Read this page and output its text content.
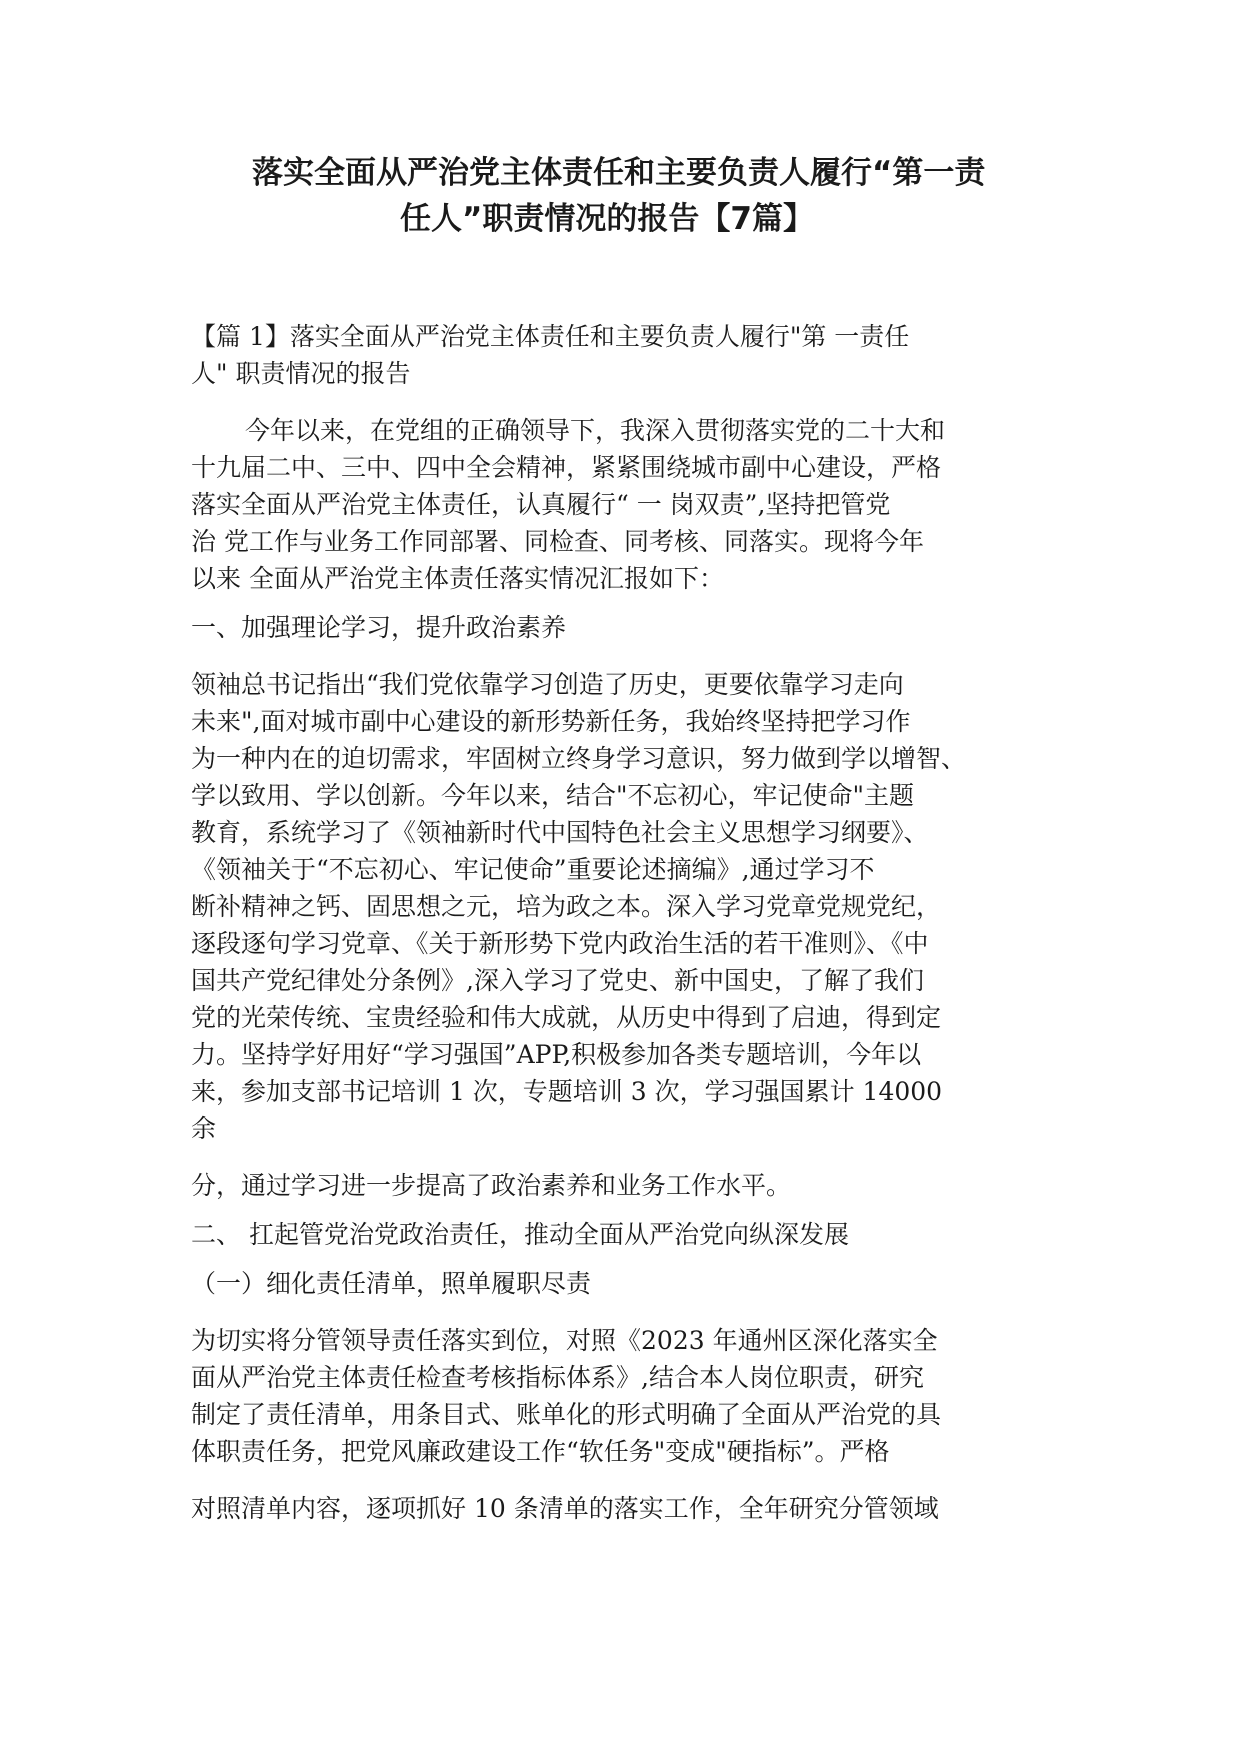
落实全面从严治党主体责任和主要负责人履行“第一责
任人”职责情况的报告【7篇】

【篇 1】落实全面从严治党主体责任和主要负责人履行"第 一责任
人" 职责情况的报告

今年以来，在党组的正确领导下，我深入贯彻落实党的二十大和
十九届二中、三中、四中全会精神，紧紧围绕城市副中心建设，严格
落实全面从严治党主体责任，认真履行“ 一 岗双责”,坚持把管党
治 党工作与业务工作同部署、同检查、同考核、同落实。现将今年
以来 全面从严治党主体责任落实情况汇报如下：

一、加强理论学习，提升政治素养

领袖总书记指出“我们党依靠学习创造了历史，更要依靠学习走向
未来",面对城市副中心建设的新形势新任务，我始终坚持把学习作
为一种内在的迫切需求，牢固树立终身学习意识，努力做到学以增智、
学以致用、学以创新。今年以来，结合"不忘初心，牢记使命"主题
教育，系统学习了《领袖新时代中国特色社会主义思想学习纲要》、
《领袖关于“不忘初心、牢记使命”重要论述摘编》,通过学习不
断补精神之钙、固思想之元，培为政之本。深入学习党章党规党纪，
逐段逐句学习党章、《关于新形势下党内政治生活的若干准则》、《中
国共产党纪律处分条例》,深入学习了党史、新中国史，了解了我们
党的光荣传统、宝贵经验和伟大成就，从历史中得到了启迪，得到定
力。坚持学好用好“学习强国”APP,积极参加各类专题培训，今年以
来，参加支部书记培训 1 次，专题培训 3 次，学习强国累计 14000
余

分，通过学习进一步提高了政治素养和业务工作水平。

二、 扛起管党治党政治责任，推动全面从严治党向纵深发展

（一）细化责任清单，照单履职尽责

为切实将分管领导责任落实到位，对照《2023 年通州区深化落实全
面从严治党主体责任检查考核指标体系》,结合本人岗位职责，研究
制定了责任清单，用条目式、账单化的形式明确了全面从严治党的具
体职责任务，把党风廉政建设工作“软任务"变成"硬指标”。严格

对照清单内容，逐项抓好 10 条清单的落实工作，全年研究分管领域
